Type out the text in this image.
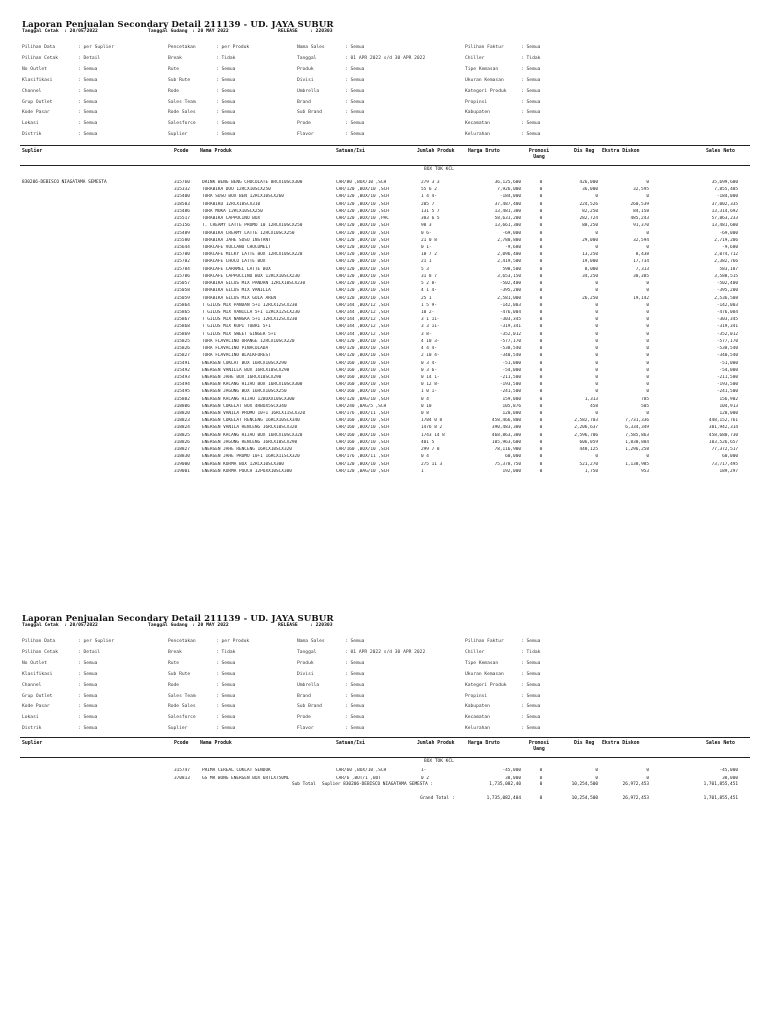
Laporan Penjualan Secondary Detail 211139 - UD. JAYA SUBUR
Tanggal Cetak : 20/05/2022	Tanggal Gudang : 20 MAY 2022	RELEASE	: 220303
Pilihan Data	: per Suplier	Pencetakan	: per Produk	Nama Sales	: Semua	Pilihan Faktur	: Semua
Pilihan Cetak	: Detail	Break	: Tidak	Tanggal	: 01 APR 2022 s/d 30 APR 2022	Chiller	: Tidak
No Outlet	: Semua	Rute	: Semua	Produk	: Semua	Tipe Kemasan	: Semua
Klasifikasi	: Semua	Sub Rute	: Semua	Divisi	: Semua	Ukuran Kemasan	: Semua
Channel	: Semua	Rode	: Semua	Umbrella	: Semua	Kategori Produk	: Semua
Grup Outlet	: Semua	Sales Team	: Semua	Brand	: Semua	Propinsi	: Semua
Kode Pasar	: Semua	Rode Sales	: Semua	Sub Brand	: Semua	Kabupaten	: Semua
Lokasi	: Semua	Salesforce	: Semua	Prode	: Semua	Kecamatan	: Semua
Distrik	: Semua	Suplier	: Semua	Flavor	: Semua	Kelurahan	: Semua
Suplier	Pcode Nama Produk	Satuan/Isi	Jumlah Produk	Harga Bruto	Promosi Uang
Dis Reg Ekstra Diskon	Sales Neto
BOX TOK KCL
830206-DEBISCO NIAGATAMA SEMESTA	315760	DRINK BENG BENG CHOCOLATE 8RCX10SCX300	CAR/80 ,BOX/10 ,SCH	279 3 3	36,125,600	0	426,000	0	35,699,600
315332	TORABIKA DUO 12RCX10SCX250	CAR/120 ,BOX/10 ,SCH	55 6 2	7,926,000	0	36,000	32,595	7,855,405
315400	TORA SUSU BOX BEN 12RCX10SCX260	CAR/120 ,BOX/10 ,SCH	1 4 4-	-184,000	0	0	0	-184,000
318503	TORABIKO 12RCX10SCX310	CAR/120 ,BOX/10 ,SCH	285 7	37,487,400	0	224,526	260,539	37,002,335
315486	TORA MOKA 12RCX10SCX250	CAR/120 ,BOX/10 ,SCH	131 5 7	13,481,300	0	82,250	84,158	13,314,692
315517	TORABIKA CAPPUCINO BOX	CAR/120 ,BOX/10 ,PAC	383 6 5	58,631,200	0	282,724	485,243	57,863,233
315156	T. CREAMY LATTE PROMO 10 12RCX10SCX250	CAR/120 ,BOX/10 ,SCH	98 3	13,661,300	0	88,250	91,370	13,481,680
315489	TORABIKA CREAMY LATTE 12RCX10SCX250	CAR/120 ,BOX/10 ,SCH	0 6-	-69,000	0	0	0	-69,000
315580	TORABIKA JAHE SUSU INSTANT	CAR/120 ,BOX/10 ,SCH	21 0 8	2,780,800	0	29,000	32,594	2,719,206
315644	TORACAFE VOLCANO CHOCOMELT	CAR/120 ,BOX/10 ,SCH	0 1-	-9,680	0	0	0	-9,680
315780	TORACAFE MILKY LATTE BOX 12RCX10SCX220	CAR/120 ,BOX/10 ,SCH	18 7 2	2,096,400	0	13,250	8,438	2,074,712
315782	TORACAFE CHOCO LATTE BOX	CAR/120 ,BOX/10 ,SCH	21 1	2,419,500	0	19,000	17,734	2,382,766
315784	TORACAFE CARAMEL LATTE BOX	CAR/120 ,BOX/10 ,SCH	5 3	598,500	0	8,000	7,313	583,187
315786	TORACAFE CAPPUCCINO BOX 12RCX10SCX230	CAR/120 ,BOX/10 ,SCH	31 8 7	3,653,150	0	34,250	30,385	3,588,515
315057	TORABIKA GILUS MIX PANDAN 12RCX10SCX230	CAR/120 ,BOX/10 ,SCH	5 2 8-	-502,400	0	0	0	-502,400
315058	TORABIKA GILUS MIX VANILLA	CAR/120 ,BOX/10 ,SCH	4 1 4-	-395,200	0	0	0	-395,200
315059	TORABIKA GILUS MIX GULA AREN	CAR/120 ,BOX/10 ,SCH	25 1	2,581,000	0	26,250	19,142	2,536,508
315864	T GILUS MIX PANDAN 5+1 12RCX12SCX230	CAR/144 ,BOX/12 ,SCH	1 5 9-	-142,003	0	0	0	-142,003
315865	T GILUS MIX VANILLA 5+1 12RCX12SCX230	CAR/144 ,BOX/12 ,SCH	10 2-	-476,004	0	0	0	-476,004
315867	T GILUS MIX NANGKA 5+1 12RCX12SCX230	CAR/144 ,BOX/12 ,SCH	3 1 11-	-303,345	0	0	0	-303,345
315868	T GILUS MIX KOPI TUBRI 5+1	CAR/144 ,BOX/12 ,SCH	3 3 11-	-319,341	0	0	0	-319,341
315869	T GILUS MIX SWEET GINGER 5+1	CAR/144 ,BOX/12 ,SCH	3 8-	-352,012	0	0	0	-352,012
315825	TORA FLAVACINO ORANGE 12RCX10SCX220	CAR/120 ,BOX/10 ,SCH	4 10 3-	-577,170	0	0	0	-577,170
315826	TORA FLAVACINO PINACOLADA	CAR/120 ,BOX/10 ,SCH	4 4 4-	-538,540	0	0	0	-538,540
315827	TORA FLAVACINO BLACKFOREST	CAR/120 ,BOX/10 ,SCH	2 10 4-	-340,540	0	0	0	-340,540
315491	ENERGEN COKLAT BOX 16RCX10SCX290	CAR/160 ,BOX/10 ,SCH	0 3 4-	-51,000	0	0	0	-51,000
315492	ENERGEN VANILLA BOX 16RCX10SCX290	CAR/160 ,BOX/10 ,SCH	0 3 6-	-54,000	0	0	0	-54,000
315493	ENERGEN JAHE BOX 16RCX10SCX290	CAR/160 ,BOX/10 ,SCH	0 14 1-	-211,500	0	0	0	-211,500
315494	ENERGEN KACANG HIJAU BOX 16RCX10SCX300	CAR/160 ,BOX/10 ,SCH	0 12 8-	-193,500	0	0	0	-193,500
315495	ENERGEN JAGUNG BOX 16RCX10SCX250	CAR/160 ,BOX/10 ,SCH	1 0 1-	-241,500	0	0	0	-241,500
315882	ENERGEN KACANG HIJAU 12BOXX10SCX300	CAR/120 ,BAG/10 ,SCH	0 4	159,000	0	1,313	785	156,902
318806	ENERGEN COKELAT BOX 4RBOX5SCX340	CAR/240 ,BAG/5 ,SCH	0 10	105,876	0	458	505	104,913
318820	ENERGEN VANILA PROMO 10+1 16RCX11SCX320	CAR/176 ,BOX/11 ,SCH	0 8	120,000	0	0	0	120,000
318823	ENERGEN COKELAT RENCENG 16RCX10SCX340	CAR/160 ,BOX/10 ,SCH	1784 0 8	458,466,800	0	2,582,703	7,731,336	448,152,761
318824	ENERGEN VANILA RENCENG 16RCX10SCX320	CAR/160 ,BOX/10 ,SCH	1476 8 2	390,483,300	0	2,206,637	6,334,349	381,942,314
318825	ENERGEN KACANG HIJAU BOX 16RCX10SCX320	CAR/160 ,BOX/10 ,SCH	1743 14 8	468,863,300	0	2,596,706	7,585,863	458,680,730
318826	ENERGEN JAGUNG RENCENG 16RCX10SCX290	CAR/160 ,BOX/10 ,SCH	401 5	105,963,600	0	606,059	1,830,884	103,526,657
318827	ENERGEN JAHE RENCENG 16RCX10SCX320	CAR/160 ,BOX/10 ,SCH	299 7 8	78,116,900	0	448,125	1,296,258	77,372,517
318830	ENERGEN JAHE PROMO 10+1 16RCX11SCX320	CAR/176 ,BOX/11 ,SCH	0 4	60,000	0	0	0	60,000
319000	ENERGEN KURMA BOX 12RCX10SCX300	CAR/120 ,BOX/10 ,SCH	275 11 3	75,378,750	0	521,270	1,138,985	73,717,495
319001	ENERGEN KURMA POUCH 12POXX10SCX300	CAR/120 ,BAG/10 ,SCH	1	192,000	0	1,750	953	189,297
Laporan Penjualan Secondary Detail 211139 - UD. JAYA SUBUR
Tanggal Cetak : 20/05/2022	Tanggal Gudang : 20 MAY 2022	RELEASE	: 220303
Pilihan Data	: per Suplier	Pencetakan	: per Produk	Nama Sales	: Semua	Pilihan Faktur	: Semua
Pilihan Cetak	: Detail	Break	: Tidak	Tanggal	: 01 APR 2022 s/d 30 APR 2022	Chiller	: Tidak
No Outlet	: Semua	Rute	: Semua	Produk	: Semua	Tipe Kemasan	: Semua
Klasifikasi	: Semua	Sub Rute	: Semua	Divisi	: Semua	Ukuran Kemasan	: Semua
Channel	: Semua	Rode	: Semua	Umbrella	: Semua	Kategori Produk	: Semua
Grup Outlet	: Semua	Sales Team	: Semua	Brand	: Semua	Propinsi	: Semua
Kode Pasar	: Semua	Rode Sales	: Semua	Sub Brand	: Semua	Kabupaten	: Semua
Lokasi	: Semua	Salesforce	: Semua	Prode	: Semua	Kecamatan	: Semua
Distrik	: Semua	Suplier	: Semua	Flavor	: Semua	Kelurahan	: Semua
Suplier	Pcode Nama Produk	Satuan/Isi	Jumlah Produk	Harga Bruto	Promosi Uang
Dis Reg Ekstra Diskon	Sales Neto
BOX TOK KCL
315747	PRIMA CEREAL COKLAT SENDOK	CAR/60 ,BOX/10 ,SCH	1-	-45,000	0	0	0	-45,000
370813	GS MR BONG ENERGEN BOX 6RTLX750ML	CAR/6 ,BOT/1 ,BOT	0 2	38,000	0	0	0	38,000
Sub Total Suplier 830206-DEBISCO NIAGATAMA SEMESTA :	1,735,082,40	0	10,254,500	26,972,453	1,701,855,451
Grand Total :	1,735,082,404	0	10,254,500	26,972,453	1,701,855,451
